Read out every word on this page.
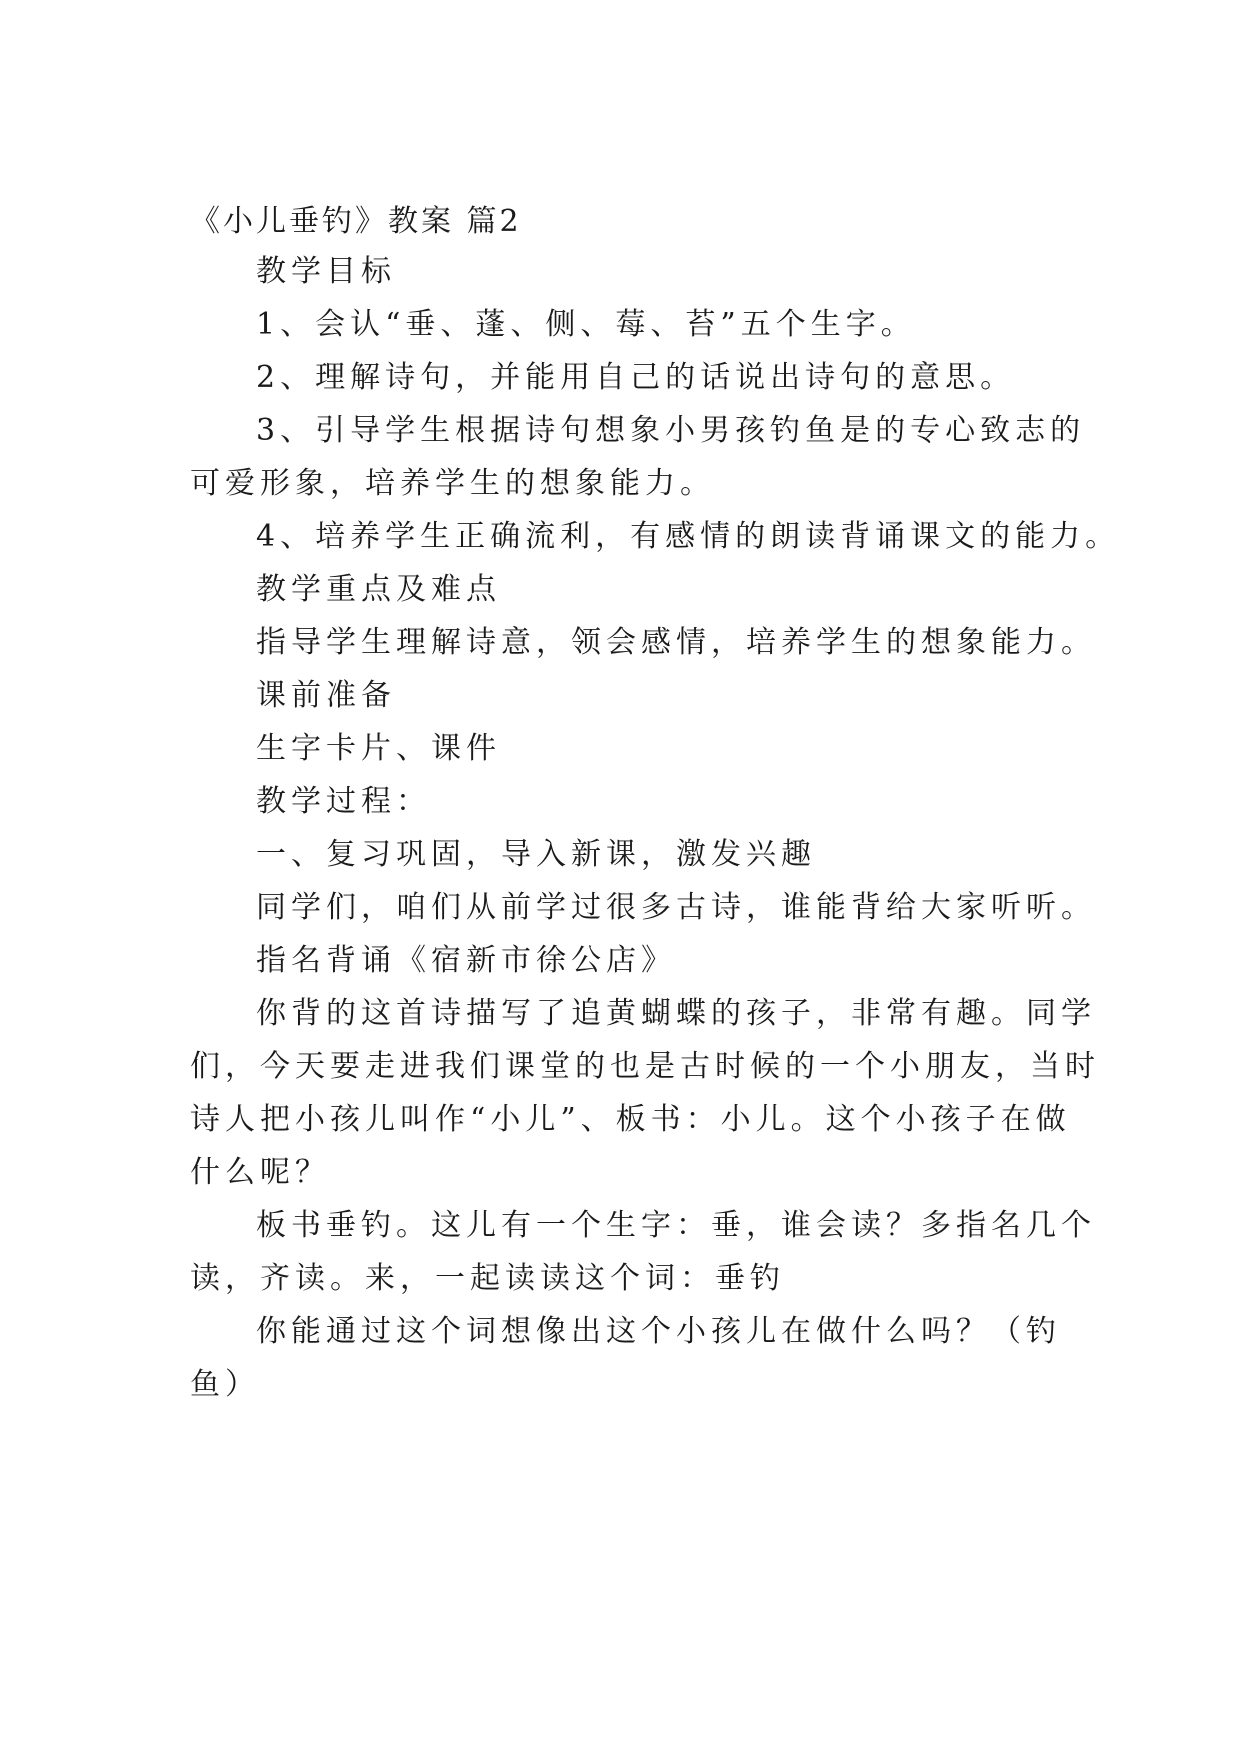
《小儿垂钓》教案 篇2
教学目标
1、会认“垂、蓬、侧、莓、苔”五个生字。
2、理解诗句，并能用自己的话说出诗句的意思。
3、引导学生根据诗句想象小男孩钓鱼是的专心致志的
可爱形象，培养学生的想象能力。
4、培养学生正确流利，有感情的朗读背诵课文的能力。
教学重点及难点
指导学生理解诗意，领会感情，培养学生的想象能力。
课前准备
生字卡片、课件
教学过程：
一、复习巩固，导入新课，激发兴趣
同学们，咱们从前学过很多古诗，谁能背给大家听听。
指名背诵《宿新市徐公店》
你背的这首诗描写了追黄蝴蝶的孩子，非常有趣。同学
们，今天要走进我们课堂的也是古时候的一个小朋友，当时
诗人把小孩儿叫作“小儿”、板书：小儿。这个小孩子在做
什么呢？
板书垂钓。这儿有一个生字：垂，谁会读？多指名几个
读，齐读。来，一起读读这个词：垂钓
你能通过这个词想像出这个小孩儿在做什么吗？（钓
鱼）
